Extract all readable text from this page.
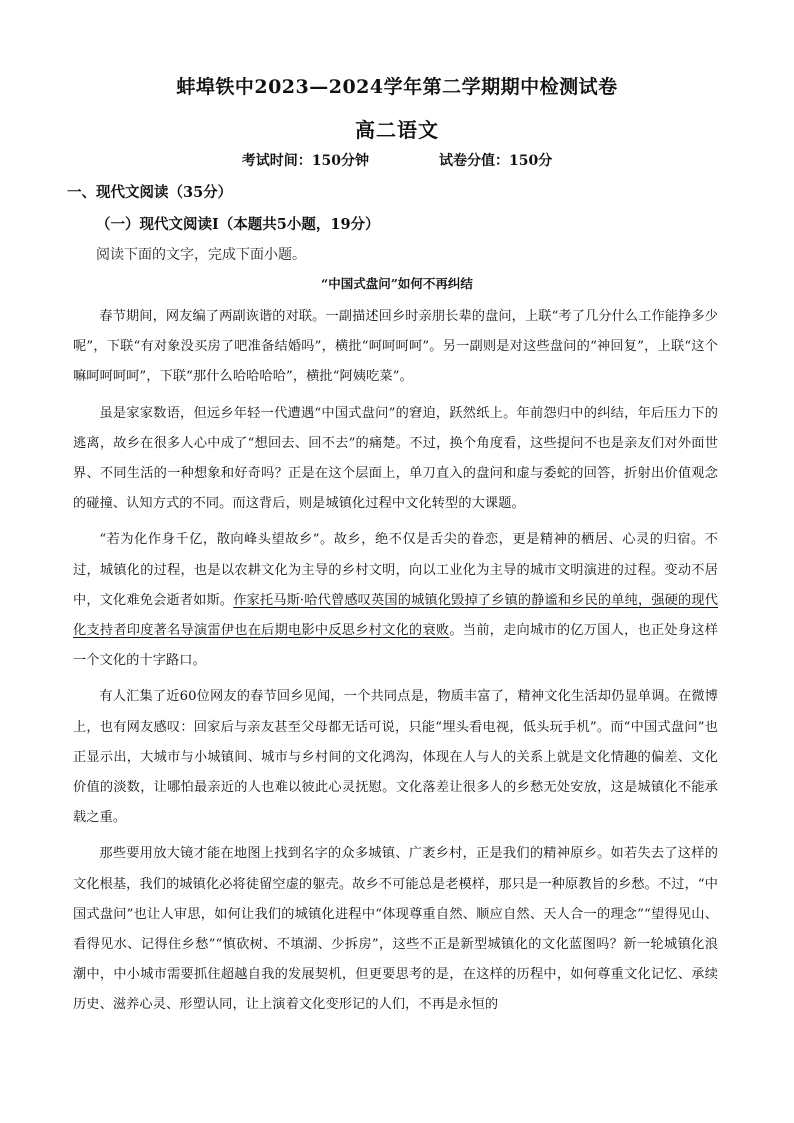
蚌埠铁中2023—2024学年第二学期期中检测试卷
高二语文
考试时间：150分钟	试卷分值：150分
一、现代文阅读（35分）
（一）现代文阅读Ⅰ（本题共5小题，19分）
阅读下面的文字，完成下面小题。
“中国式盘问”如何不再纠结

春节期间，网友编了两副诙谐的对联。一副描述回乡时亲朋长辈的盘问，上联“考了几分什么工作能挣多少呢”，下联“有对象没买房了吧准备结婚吗”，横批“呵呵呵呵”。另一副则是对这些盘问的“神回复”，上联“这个嘛呵呵呵呵”，下联“那什么哈哈哈哈”，横批“阿姨吃菜”。

虽是家家数语，但远乡年轻一代遭遇“中国式盘问”的窘迫，跃然纸上。年前怨归中的纠结，年后压力下的逃离，故乡在很多人心中成了“想回去、回不去”的痛楚。不过，换个角度看，这些提问不也是亲友们对外面世界、不同生活的一种想象和好奇吗？正是在这个层面上，单刀直入的盘问和虚与委蛇的回答，折射出价值观念的碰撞、认知方式的不同。而这背后，则是城镇化过程中文化转型的大课题。

“若为化作身千亿，散向峰头望故乡”。故乡，绝不仅是舌尖的眷恋，更是精神的栖居、心灵的归宿。不过，城镇化的过程，也是以农耕文化为主导的乡村文明，向以工业化为主导的城市文明演进的过程。变动不居中，文化难免会逝者如斯。作家托马斯·哈代曾感叹英国的城镇化毁掉了乡镇的静谧和乡民的单纯，强硬的现代化支持者印度著名导演雷伊也在后期电影中反思乡村文化的衰败。当前，走向城市的亿万国人，也正处身这样一个文化的十字路口。

有人汇集了近60位网友的春节回乡见闻，一个共同点是，物质丰富了，精神文化生活却仍显单调。在微博上，也有网友感叹：回家后与亲友甚至父母都无话可说，只能“埋头看电视，低头玩手机”。而“中国式盘问”也正显示出，大城市与小城镇间、城市与乡村间的文化鸿沟，体现在人与人的关系上就是文化情趣的偏差、文化价值的淡数，让哪怕最亲近的人也难以彼此心灵抚慰。文化落差让很多人的乡愁无处安放，这是城镇化不能承载之重。

那些要用放大镜才能在地图上找到名字的众多城镇、广袤乡村，正是我们的精神原乡。如若失去了这样的文化根基，我们的城镇化必将徒留空虚的躯壳。故乡不可能总是老模样，那只是一种原教旨的乡愁。不过，“中国式盘问”也让人审思，如何让我们的城镇化进程中“体现尊重自然、顺应自然、天人合一的理念”“望得见山、看得见水、记得住乡愁”“慎砍树、不填湖、少拆房”，这些不正是新型城镇化的文化蓝图吗？新一轮城镇化浪潮中，中小城市需要抓住超越自我的发展契机，但更要思考的是，在这样的历程中，如何尊重文化记忆、承续历史、滋养心灵、形塑认同，让上演着文化变形记的人们，不再是永恒的
